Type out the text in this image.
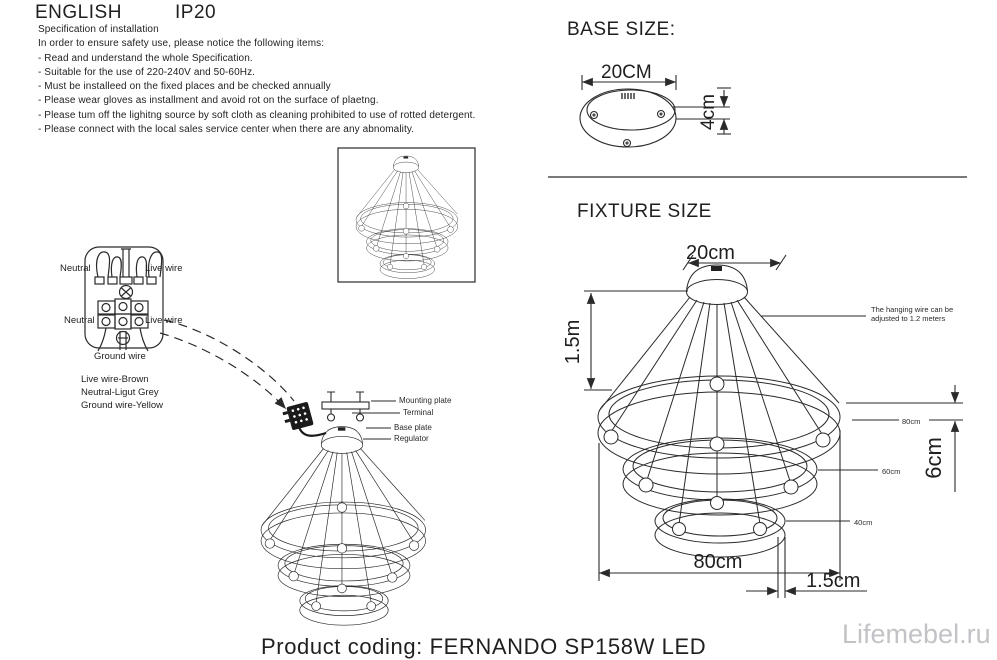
20CM
4cm
20cm
1.5m
6cm
80cm
60cm
40cm
80cm
1.5cm
ENGLISH	IP20
Specification of installation
In order to ensure safety use, please notice the following items:
- Read and understand the whole Specification.
- Suitable for the use of 220-240V and 50-60Hz.
- Must be installeed on the fixed places and be checked annually
- Please wear gloves as installment and avoid rot on the surface of plaetng.
- Please tum off the lighitng source by soft cloth as cleaning prohibited to use of rotted detergent.
- Please connect with the local sales service center when there are any abnomality.
Neutral	Live wire
Neutral	Live wire
Ground wire
Live wire-Brown
Neutral-Ligut Grey
Ground wire-Yellow	Mounting plate
Terminal
Base plate
Regulator
BASE SIZE:
FIXTURE SIZE
The hanging wire can be adjusted to 1.2 meters
Product coding: FERNANDO SP158W LED	Lifemebel.ru
